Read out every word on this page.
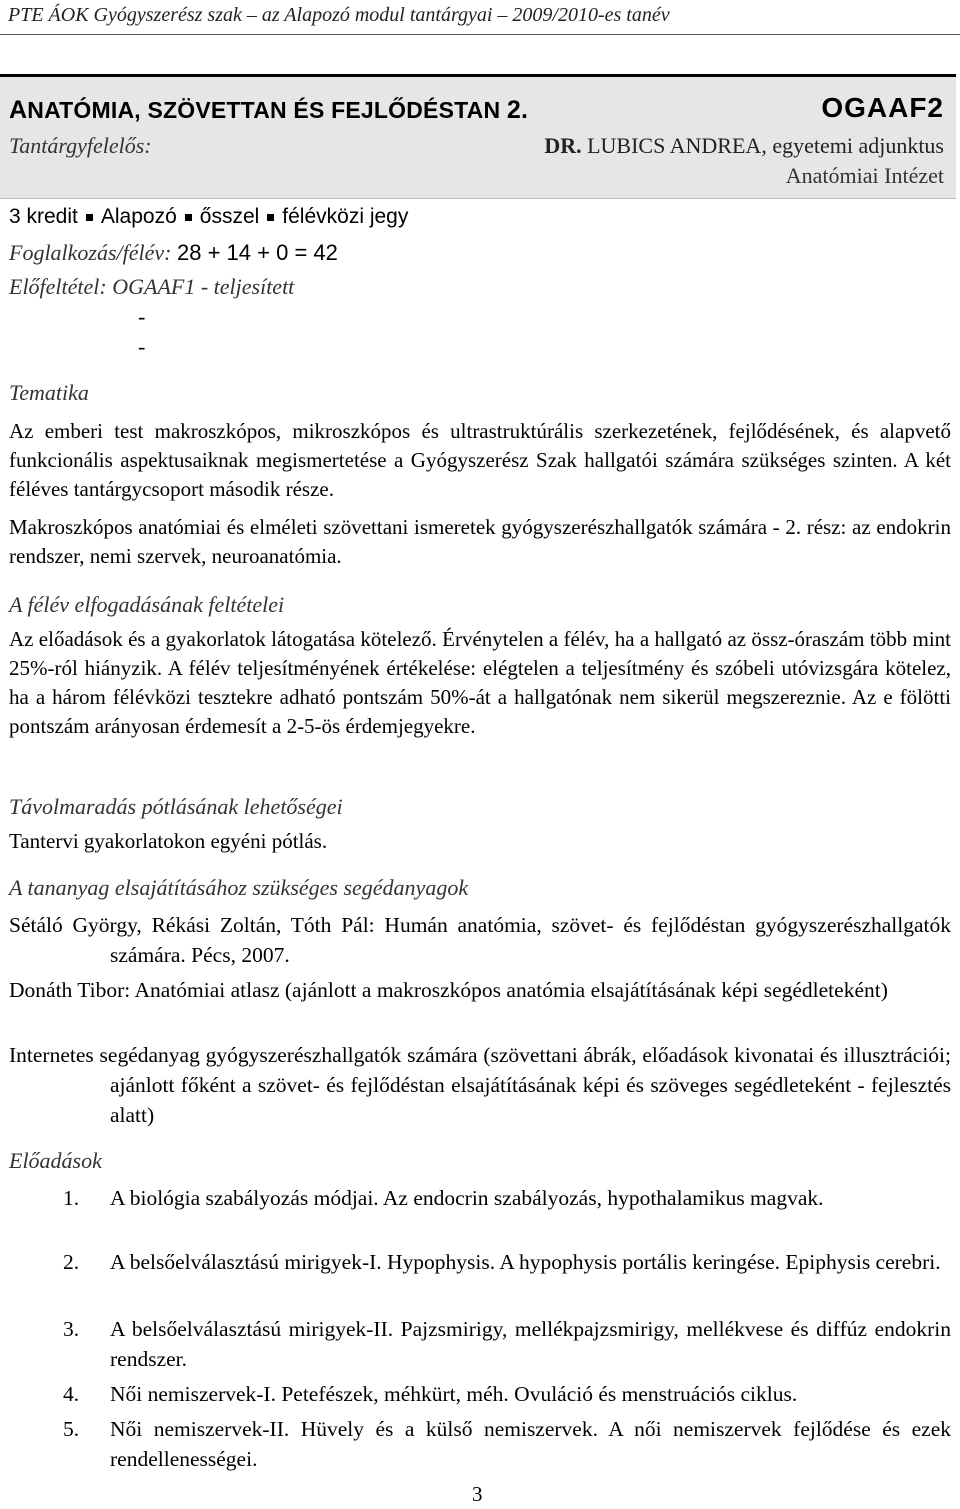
PTE ÁOK Gyógyszerész szak – az Alapozó modul tantárgyai – 2009/2010-es tanév
ANATÓMIA, SZÖVETTAN ÉS FEJLŐDÉSTAN 2.	OGAAF2
Tantárgyfelelős:	DR. LUBICS ANDREA, egyetemi adjunktus
Anatómiai Intézet
3 kredit Alapozó ősszel félévközi jegy
Foglalkozás/félév: 28 + 14 + 0 = 42
Előfeltétel: OGAAF1 - teljesített
-
-
Tematika

Az emberi test makroszkópos, mikroszkópos és ultrastruktúrális szerkezetének, fejlődésének, és alapvető funkcionális aspektusaiknak megismertetése a Gyógyszerész Szak hallgatói számára szükséges szinten. A két féléves tantárgycsoport második része.

Makroszkópos anatómiai és elméleti szövettani ismeretek gyógyszerészhallgatók számára - 2. rész: az endokrin rendszer, nemi szervek, neuroanatómia.

A félév elfogadásának feltételei

Az előadások és a gyakorlatok látogatása kötelező. Érvénytelen a félév, ha a hallgató az össz-óraszám több mint 25%-ról hiányzik. A félév teljesítményének értékelése: elégtelen a teljesítmény és szóbeli utóvizsgára kötelez, ha a három félévközi tesztekre adható pontszám 50%-át a hallgatónak nem sikerül megszereznie. Az e fölötti pontszám arányosan érdemesít a 2-5-ös érdemjegyekre.

Távolmaradás pótlásának lehetőségei

Tantervi gyakorlatokon egyéni pótlás.

A tananyag elsajátításához szükséges segédanyagok

Sétáló György, Rékási Zoltán, Tóth Pál: Humán anatómia, szövet- és fejlődéstan gyógyszerészhallgatók számára. Pécs, 2007.

Donáth Tibor: Anatómiai atlasz (ajánlott a makroszkópos anatómia elsajátításának képi segédleteként)

Internetes segédanyag gyógyszerészhallgatók számára (szövettani ábrák, előadások kivonatai és illusztrációi; ajánlott főként a szövet- és fejlődéstan elsajátításának képi és szöveges segédleteként - fejlesztés alatt)

Előadások
1. A biológia szabályozás módjai. Az endocrin szabályozás, hypothalamikus magvak.
2. A belsőelválasztású mirigyek-I. Hypophysis. A hypophysis portális keringése. Epiphysis cerebri.
3. A belsőelválasztású mirigyek-II. Pajzsmirigy, mellékpajzsmirigy, mellékvese és diffúz endokrin rendszer.
4. Női nemiszervek-I. Petefészek, méhkürt, méh. Ovuláció és menstruációs ciklus.
5. Női nemiszervek-II. Hüvely és a külső nemiszervek. A női nemiszervek fejlődése és ezek rendellenességei.
3
